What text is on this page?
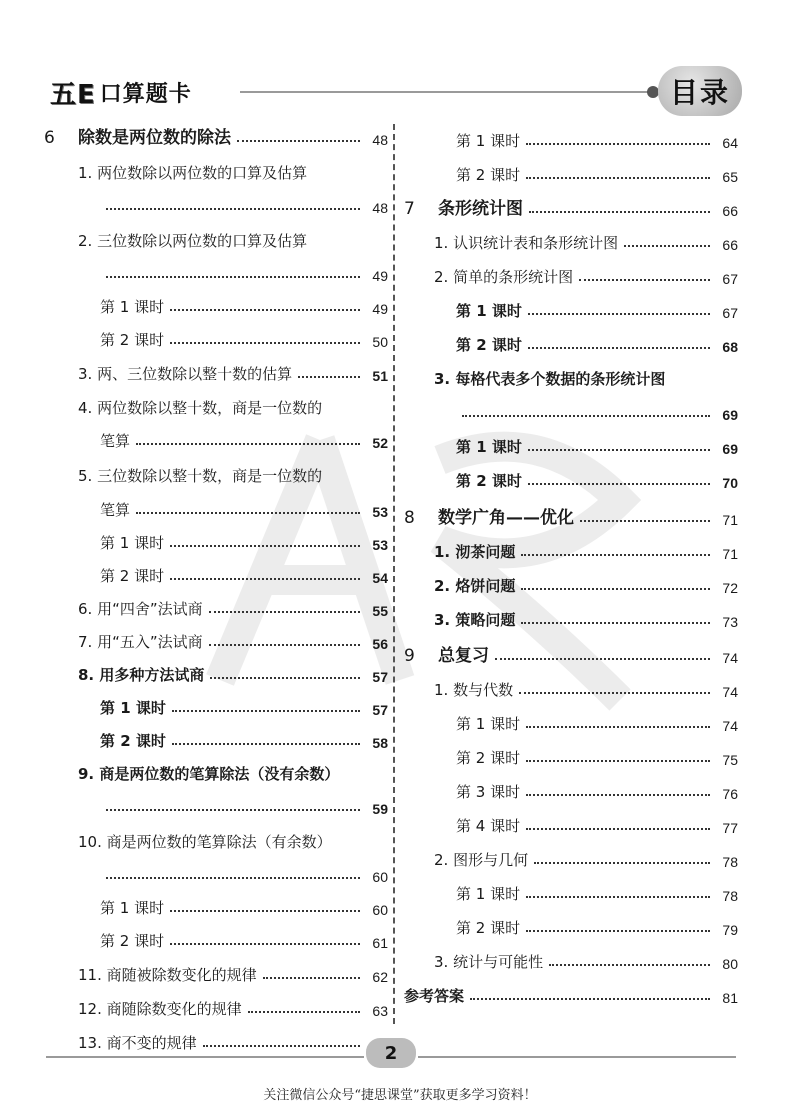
五E 口算题卡	目录
6 除数是两位数的除法	48
1. 两位数除以两位数的口算及估算
48
2. 三位数除以两位数的口算及估算
49
第 1 课时	49
第 2 课时	50
3. 两、三位数除以整十数的估算	51
4. 两位数除以整十数，商是一位数的
笔算	52
5. 三位数除以整十数，商是一位数的
笔算	53
第 1 课时	53
第 2 课时	54
6. 用“四舍”法试商	55
7. 用“五入”法试商	56
8. 用多种方法试商	57
第 1 课时	57
第 2 课时	58
9. 商是两位数的笔算除法（没有余数）
59
10. 商是两位数的笔算除法（有余数）
60
第 1 课时	60
第 2 课时	61
11. 商随被除数变化的规律	62
12. 商随除数变化的规律	63
13. 商不变的规律
第 1 课时	64
第 2 课时	65
7 条形统计图	66
1. 认识统计表和条形统计图	66
2. 简单的条形统计图	67
第 1 课时	67
第 2 课时	68
3. 每格代表多个数据的条形统计图
69
第 1 课时	69
第 2 课时	70
8 数学广角——优化	71
1. 沏茶问题	71
2. 烙饼问题	72
3. 策略问题	73
9 总复习	74
1. 数与代数	74
第 1 课时	74
第 2 课时	75
第 3 课时	76
第 4 课时	77
2. 图形与几何	78
第 1 课时	78
第 2 课时	79
3. 统计与可能性	80
参考答案	81
2
关注微信公众号“捷思课堂”获取更多学习资料！
